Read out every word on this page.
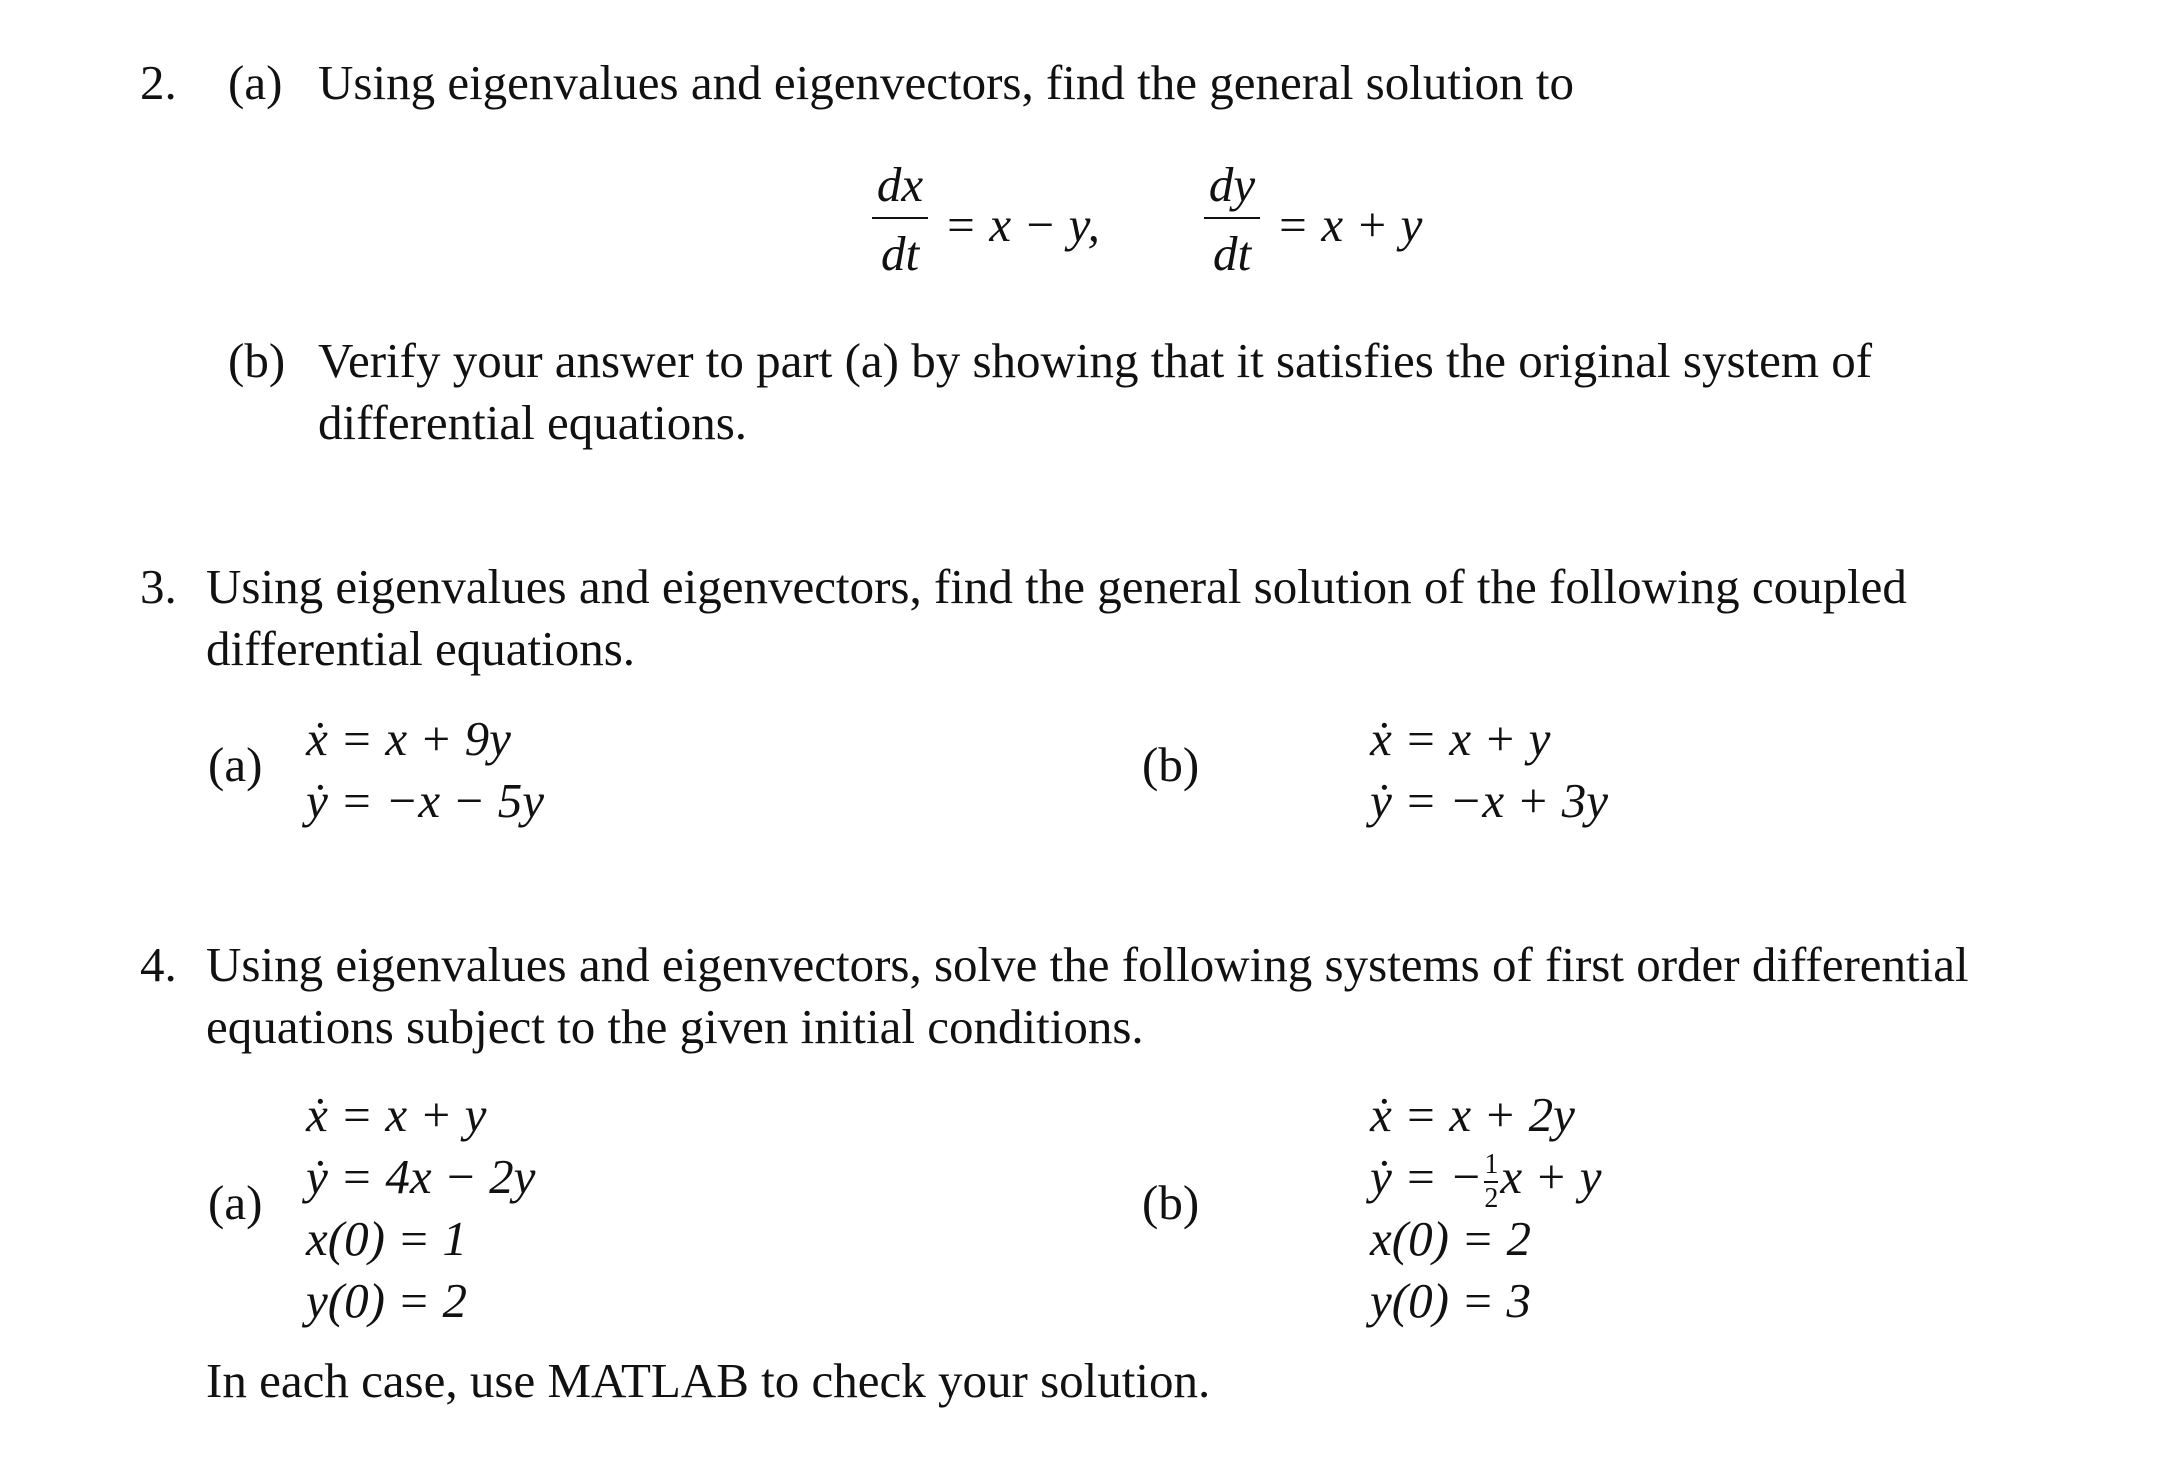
2. (a) Using eigenvalues and eigenvectors, find the general solution to
dx
dt
= x − y,
dy
dt
= x + y
(b) Verify your answer to part (a) by showing that it satisfies the original system of
differential equations.
3. Using eigenvalues and eigenvectors, find the general solution of the following coupled
differential equations.
(a) ẋ = x + 9y
ẏ = −x − 5y
(b)	ẋ = x + y
ẏ = −x + 3y
4. Using eigenvalues and eigenvectors, solve the following systems of first order differential
equations subject to the given initial conditions.
(a)
ẋ = x + y
ẏ = 4x − 2y
x(0) = 1
y(0) = 2
(b)
ẋ = x + 2y
ẏ = − $\frac{1}{2}$ x + y
x(0) = 2
y(0) = 3
In each case, use MATLAB to check your solution.
